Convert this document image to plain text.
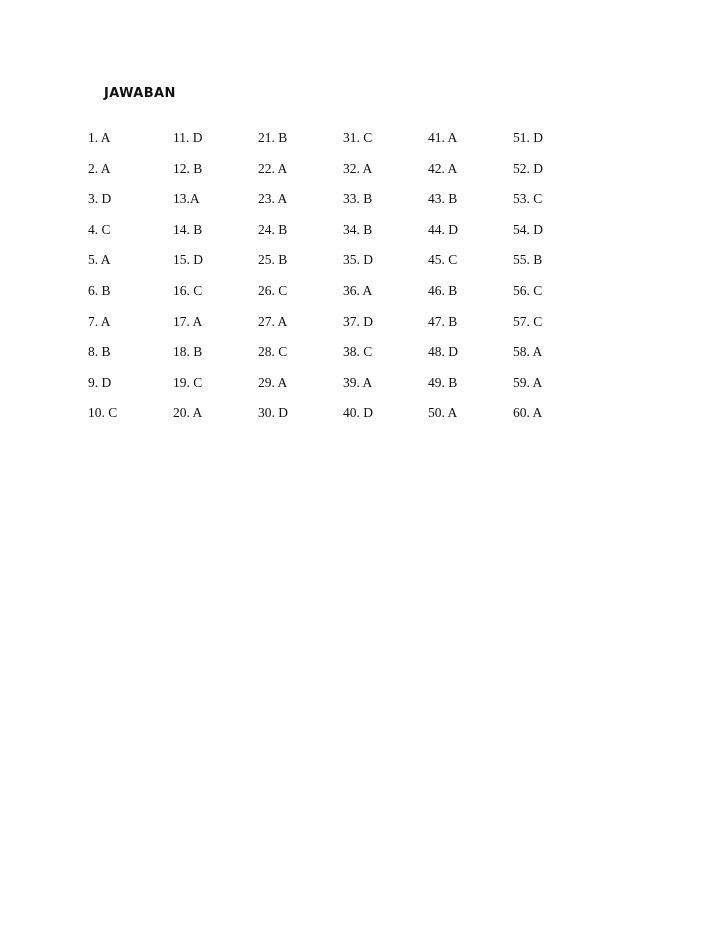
JAWABAN
1. A	11. D	21. B	31. C	41. A	51. D
2. A	12. B	22. A	32. A	42. A	52. D
3. D	13.A	23. A	33. B	43. B	53. C
4. C	14. B	24. B	34. B	44. D	54. D
5. A	15. D	25. B	35. D	45. C	55. B
6. B	16. C	26. C	36. A	46. B	56. C
7. A	17. A	27. A	37. D	47. B	57. C
8. B	18. B	28. C	38. C	48. D	58. A
9. D	19. C	29. A	39. A	49. B	59. A
10. C	20. A	30. D	40. D	50. A	60. A
